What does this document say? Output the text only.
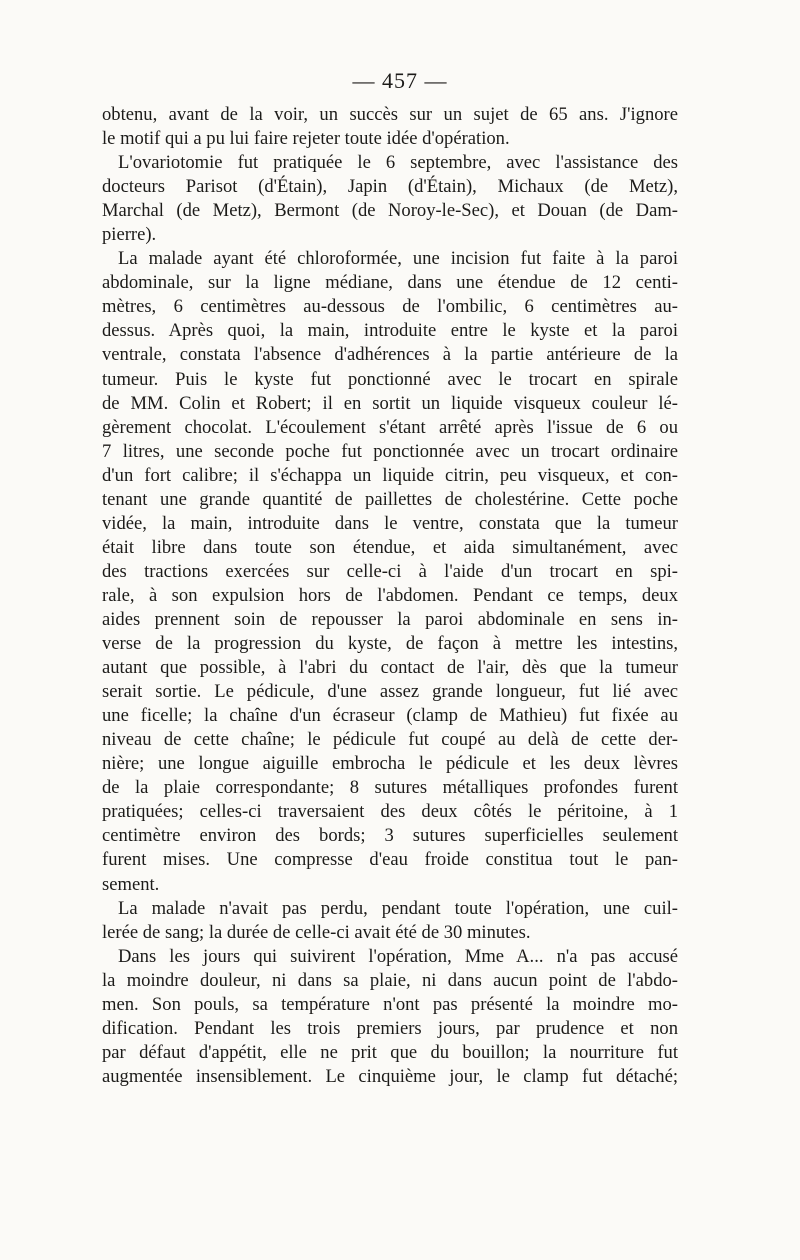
— 457 —
obtenu, avant de la voir, un succès sur un sujet de 65 ans. J'ignore
le motif qui a pu lui faire rejeter toute idée d'opération.
L'ovariotomie fut pratiquée le 6 septembre, avec l'assistance des
docteurs Parisot (d'Étain), Japin (d'Étain), Michaux (de Metz),
Marchal (de Metz), Bermont (de Noroy-le-Sec), et Douan (de Dam-
pierre).
La malade ayant été chloroformée, une incision fut faite à la paroi
abdominale, sur la ligne médiane, dans une étendue de 12 centi-
mètres, 6 centimètres au-dessous de l'ombilic, 6 centimètres au-
dessus. Après quoi, la main, introduite entre le kyste et la paroi
ventrale, constata l'absence d'adhérences à la partie antérieure de la
tumeur. Puis le kyste fut ponctionné avec le trocart en spirale
de MM. Colin et Robert; il en sortit un liquide visqueux couleur lé-
gèrement chocolat. L'écoulement s'étant arrêté après l'issue de 6 ou
7 litres, une seconde poche fut ponctionnée avec un trocart ordinaire
d'un fort calibre; il s'échappa un liquide citrin, peu visqueux, et con-
tenant une grande quantité de paillettes de cholestérine. Cette poche
vidée, la main, introduite dans le ventre, constata que la tumeur
était libre dans toute son étendue, et aida simultanément, avec
des tractions exercées sur celle-ci à l'aide d'un trocart en spi-
rale, à son expulsion hors de l'abdomen. Pendant ce temps, deux
aides prennent soin de repousser la paroi abdominale en sens in-
verse de la progression du kyste, de façon à mettre les intestins,
autant que possible, à l'abri du contact de l'air, dès que la tumeur
serait sortie. Le pédicule, d'une assez grande longueur, fut lié avec
une ficelle; la chaîne d'un écraseur (clamp de Mathieu) fut fixée au
niveau de cette chaîne; le pédicule fut coupé au delà de cette der-
nière; une longue aiguille embrocha le pédicule et les deux lèvres
de la plaie correspondante; 8 sutures métalliques profondes furent
pratiquées; celles-ci traversaient des deux côtés le péritoine, à 1
centimètre environ des bords; 3 sutures superficielles seulement
furent mises. Une compresse d'eau froide constitua tout le pan-
sement.
La malade n'avait pas perdu, pendant toute l'opération, une cuil-
lerée de sang; la durée de celle-ci avait été de 30 minutes.
Dans les jours qui suivirent l'opération, Mme A... n'a pas accusé
la moindre douleur, ni dans sa plaie, ni dans aucun point de l'abdo-
men. Son pouls, sa température n'ont pas présenté la moindre mo-
dification. Pendant les trois premiers jours, par prudence et non
par défaut d'appétit, elle ne prit que du bouillon; la nourriture fut
augmentée insensiblement. Le cinquième jour, le clamp fut détaché;
